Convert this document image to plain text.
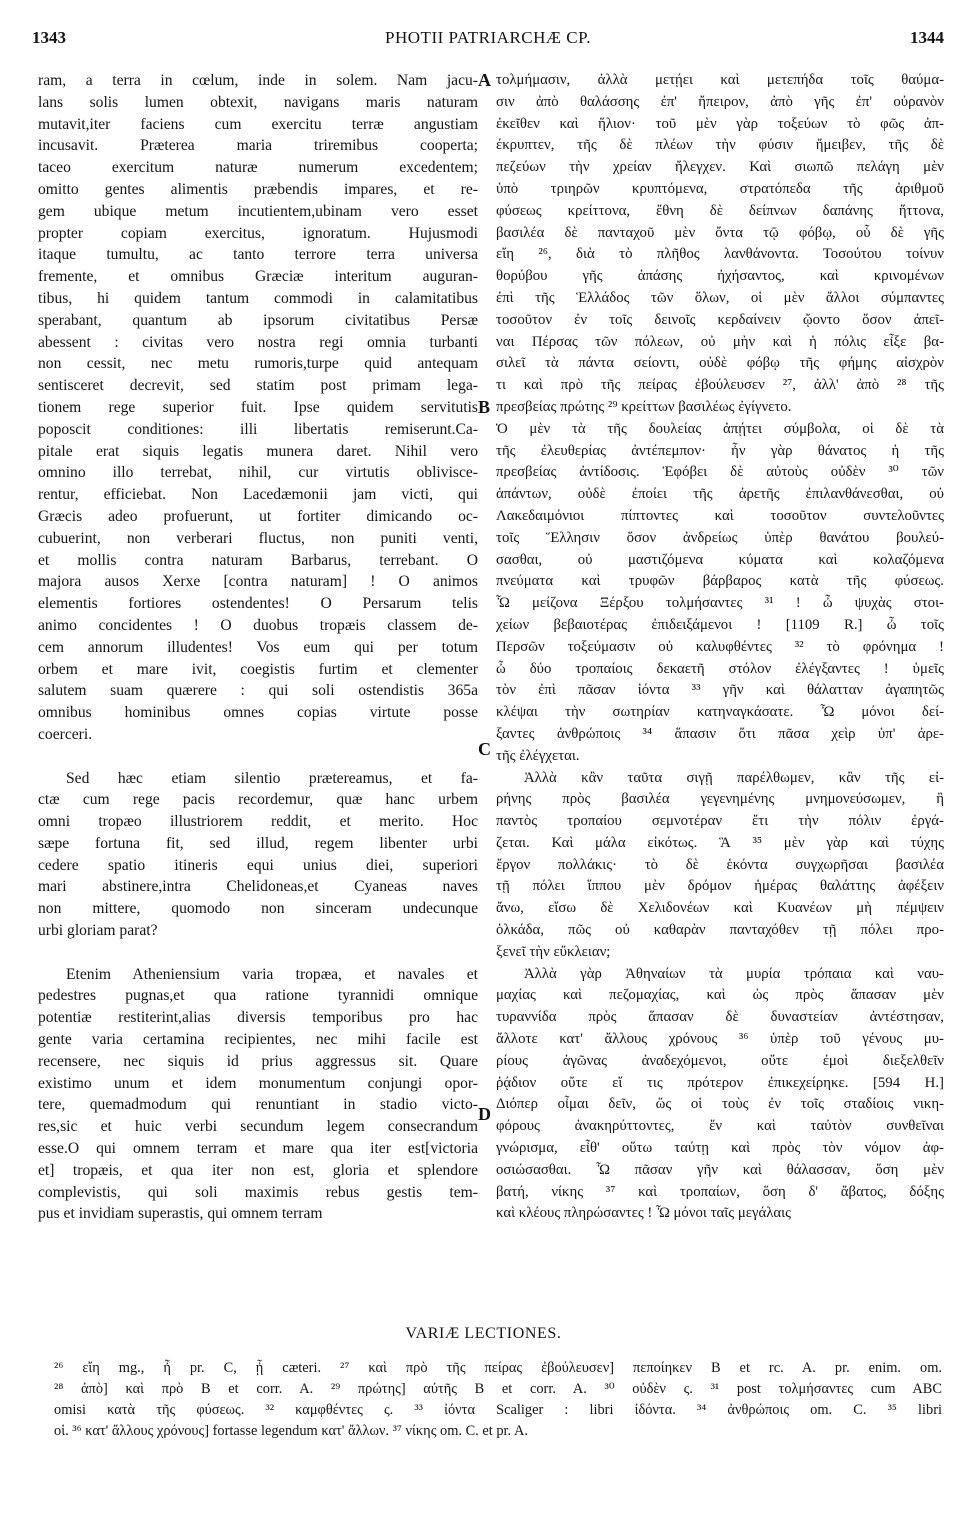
1343	PHOTII PATRIARCHÆ CP.	1344
ram, a terra in cœlum, inde in solem. Nam jacu-
lans solis lumen obtexit, navigans maris naturam
mutavit,iter faciens cum exercitu terræ angustiam
incusavit. Præterea maria triremibus cooperta;
taceo exercitum naturæ numerum excedentem;
omitto gentes alimentis præbendis impares, et re-
gem ubique metum incutientem,ubinam vero esset
propter copiam exercitus, ignoratum. Hujusmodi
itaque tumultu, ac tanto terrore terra universa
fremente, et omnibus Græciæ interitum auguran-
tibus, hi quidem tantum commodi in calamitatibus
sperabant, quantum ab ipsorum civitatibus Persæ
abessent : civitas vero nostra regi omnia turbanti
non cessit, nec metu rumoris,turpe quid antequam
sentisceret decrevit, sed statim post primam lega-
tionem rege superior fuit. Ipse quidem servitutis
poposcit conditiones: illi libertatis remiserunt.Ca-
pitale erat siquis legatis munera daret. Nihil vero
omnino illo terrebat, nihil, cur virtutis oblivisce-
rentur, efficiebat. Non Lacedæmonii jam victi, qui
Græcis adeo profuerunt, ut fortiter dimicando oc-
cubuerint, non verberari fluctus, non puniti venti,
et mollis contra naturam Barbarus, terrebant. O
majora ausos Xerxe [contra naturam] ! O animos
elementis fortiores ostendentes! O Persarum telis
animo concidentes ! O duobus tropæis classem de-
cem annorum illudentes! Vos eum qui per totum
orbem et mare ivit, coegistis furtim et clementer
salutem suam quærere : qui soli ostendistis 365a
omnibus hominibus omnes copias virtute posse
coerceri.
Sed hæc etiam silentio prætereamus, et fa-
ctæ cum rege pacis recordemur, quæ hanc urbem
omni tropæo illustriorem reddit, et merito. Hoc
sæpe fortuna fit, sed illud, regem libenter urbi
cedere spatio itineris equi unius diei, superiori
mari abstinere,intra Chelidoneas,et Cyaneas naves
non mittere, quomodo non sinceram undecunque
urbi gloriam parat?
Etenim Atheniensium varia tropæa, et navales et
pedestres pugnas,et qua ratione tyrannidi omnique
potentiæ restiterint,alias diversis temporibus pro hac
gente varia certamina recipientes, nec mihi facile est
recensere, nec siquis id prius aggressus sit. Quare
existimo unum et idem monumentum conjungi opor-
tere, quemadmodum qui renuntiant in stadio victo-
res,sic et huic verbi secundum legem consecrandum
esse.O qui omnem terram et mare qua iter est[victoria
et] tropæis, et qua iter non est, gloria et splendore
complevistis, qui soli maximis rebus gestis tem-
pus et invidiam superastis, qui omnem terram
τολμήμασιν, ἀλλὰ μετῄει καὶ μετεπήδα τοῖς θαύμα-
σιν ἀπὸ θαλάσσης ἐπ' ἤπειρον, ἀπὸ γῆς ἐπ' οὐρανὸν
ἐκεῖθεν καὶ ἥλιον· τοῦ μὲν γὰρ τοξεύων τὸ φῶς ἀπ-
έκρυπτεν, τῆς δὲ πλέων τὴν φύσιν ἤμειβεν, τῆς δὲ
πεζεύων τὴν χρείαν ἤλεγχεν. Καὶ σιωπῶ πελάγη μὲν
ὑπὸ τριηρῶν κρυπτόμενα, στρατόπεδα τῆς ἀριθμοῦ
φύσεως κρείττονα, ἔθνη δὲ δείπνων δαπάνης ἥττονα,
βασιλέα δὲ πανταχοῦ μὲν ὄντα τῷ φόβῳ, οὗ δὲ γῆς
εἴη ²⁶, διὰ τὸ πλῆθος λανθάνοντα. Τοσούτου τοίνυν
θορύβου γῆς ἁπάσης ἠχήσαντος, καὶ κρινομένων
ἐπὶ τῆς Ἑλλάδος τῶν ὅλων, οἱ μὲν ἄλλοι σύμπαντες
τοσοῦτον ἐν τοῖς δεινοῖς κερδαίνειν ᾤοντο ὅσον ἀπεῖ-
ναι Πέρσας τῶν πόλεων, οὐ μὴν καὶ ἡ πόλις εἶξε βα-
σιλεῖ τὰ πάντα σείοντι, οὐδὲ φόβῳ τῆς φήμης αἰσχρὸν
τι καὶ πρὸ τῆς πείρας ἐβούλευσεν ²⁷, ἀλλ' ἀπὸ ²⁸ τῆς
πρεσβείας πρώτης ²⁹ κρείττων βασιλέως ἐγίγνετο.
Ὁ μὲν τὰ τῆς δουλείας ἀπῄτει σύμβολα, οἱ δὲ τὰ
τῆς ἐλευθερίας ἀντέπεμπον· ἦν γὰρ θάνατος ἡ τῆς
πρεσβείας ἀντίδοσις. Ἐφόβει δὲ αὐτοὺς οὐδὲν ³⁰ τῶν
ἁπάντων, οὐδὲ ἐποίει τῆς ἀρετῆς ἐπιλανθάνεσθαι, οὐ
Λακεδαιμόνιοι πίπτοντες καὶ τοσοῦτον συντελοῦντες
τοῖς Ἕλλησιν ὅσον ἀνδρείως ὑπὲρ θανάτου βουλεύ-
σασθαι, οὐ μαστιζόμενα κύματα καὶ κολαζόμενα
πνεύματα καὶ τρυφῶν βάρβαρος κατὰ τῆς φύσεως.
Ὦ μείζονα Ξέρξου τολμήσαντες ³¹ ! ὦ ψυχὰς στοι-
χείων βεβαιοτέρας ἐπιδειξάμενοι ! [1109 R.] ὦ τοῖς
Περσῶν τοξεύμασιν οὐ καλυφθέντες ³² τὸ φρόνημα !
ὦ δύο τροπαίοις δεκαετῆ στόλον ἐλέγξαντες ! ὑμεῖς
τὸν ἐπὶ πᾶσαν ἰόντα ³³ γῆν καὶ θάλατταν ἀγαπητῶς
κλέψαι τὴν σωτηρίαν κατηναγκάσατε. Ὦ μόνοι δεί-
ξαντες ἀνθρώποις ³⁴ ἅπασιν ὅτι πᾶσα χεὶρ ὑπ' ἀρε-
τῆς ἐλέγχεται.
Ἀλλὰ κἂν ταῦτα σιγῇ παρέλθωμεν, κἂν τῆς εἰ-
ρήνης πρὸς βασιλέα γεγενημένης μνημονεύσωμεν, ἣ
παντὸς τροπαίου σεμνοτέραν ἔτι τὴν πόλιν ἐργά-
ζεται. Καὶ μάλα εἰκότως. Ἃ ³⁵ μὲν γὰρ καὶ τύχης
ἔργον πολλάκις· τὸ δὲ ἑκόντα συγχωρῆσαι βασιλέα
τῇ πόλει ἵππου μὲν δρόμον ἡμέρας θαλάττης ἀφέξειν
ἄνω, εἴσω δὲ Χελιδονέων καὶ Κυανέων μὴ πέμψειν
ὁλκάδα, πῶς οὐ καθαρὰν πανταχόθεν τῇ πόλει προ-
ξενεῖ τὴν εὔκλειαν;
Ἀλλὰ γὰρ Ἀθηναίων τὰ μυρία τρόπαια καὶ ναυ-
μαχίας καὶ πεζομαχίας, καὶ ὡς πρὸς ἅπασαν μὲν
τυραννίδα πρὸς ἅπασαν δὲ δυναστείαν ἀντέστησαν,
ἄλλοτε κατ' ἄλλους χρόνους ³⁶ ὑπὲρ τοῦ γένους μυ-
ρίους ἀγῶνας ἀναδεχόμενοι, οὔτε ἐμοὶ διεξελθεῖν
ῥᾴδιον οὔτε εἴ τις πρότερον ἐπικεχείρηκε. [594 H.]
Διόπερ οἶμαι δεῖν, ὥς οἱ τοὺς ἐν τοῖς σταδίοις νικη-
φόρους ἀνακηρύττοντες, ἕν καὶ ταὐτὸν συνθεῖναι
γνώρισμα, εἶθ' οὕτω ταύτῃ καὶ πρὸς τὸν νόμον ἀφ-
οσιώσασθαι. Ὦ πᾶσαν γῆν καὶ θάλασσαν, ὅση μὲν
βατή, νίκης ³⁷ καὶ τροπαίων, ὅση δ' ἄβατος, δόξης
καὶ κλέους πληρώσαντες ! Ὦ μόνοι ταῖς μεγάλαις
A
B
C
D
VARIÆ LECTIONES.
²⁶ εἴη mg., ἦ pr. C, ᾖ cæteri. ²⁷ καὶ πρὸ τῆς πείρας ἐβούλευσεν] πεποίηκεν B et rc. A. pr. enim. om.
²⁸ ἀπὸ] καὶ πρὸ B et corr. A. ²⁹ πρώτης] αὐτῆς B et corr. A. ³⁰ οὐδὲν ς. ³¹ post τολμήσαντες cum ABC
omisi κατὰ τῆς φύσεως. ³² καμφθέντες ς. ³³ ἰόντα Scaliger : libri ἰδόντα. ³⁴ ἀνθρώποις om. C. ³⁵ libri
οἱ. ³⁶ κατ' ἄλλους χρόνους] fortasse legendum κατ' ἄλλων. ³⁷ νίκης om. C. et pr. A.
